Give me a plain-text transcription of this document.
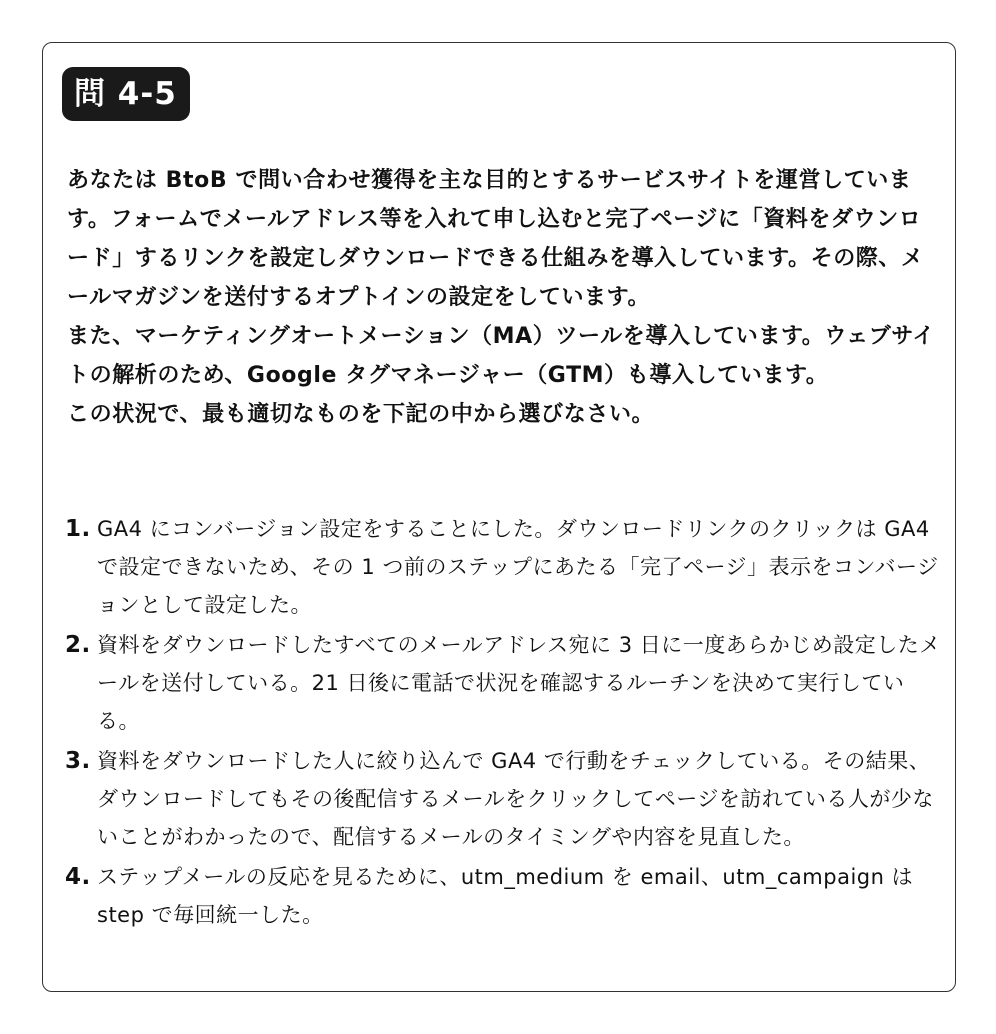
問 4-5

あなたは BtoB で問い合わせ獲得を主な目的とするサービスサイトを運営しています。フォームでメールアドレス等を入れて申し込むと完了ページに「資料をダウンロード」するリンクを設定しダウンロードできる仕組みを導入しています。その際、メールマガジンを送付するオプトインの設定をしています。

また、マーケティングオートメーション（MA）ツールを導入しています。ウェブサイトの解析のため、Google タグマネージャー（GTM）も導入しています。

この状況で、最も適切なものを下記の中から選びなさい。

1. GA4 にコンバージョン設定をすることにした。ダウンロードリンクのクリックは GA4 で設定できないため、その 1 つ前のステップにあたる「完了ページ」表示をコンバージョンとして設定した。
2. 資料をダウンロードしたすべてのメールアドレス宛に 3 日に一度あらかじめ設定したメールを送付している。21 日後に電話で状況を確認するルーチンを決めて実行している。
3. 資料をダウンロードした人に絞り込んで GA4 で行動をチェックしている。その結果、ダウンロードしてもその後配信するメールをクリックしてページを訪れている人が少ないことがわかったので、配信するメールのタイミングや内容を見直した。
4. ステップメールの反応を見るために、utm_medium を email、utm_campaign は step で毎回統一した。
